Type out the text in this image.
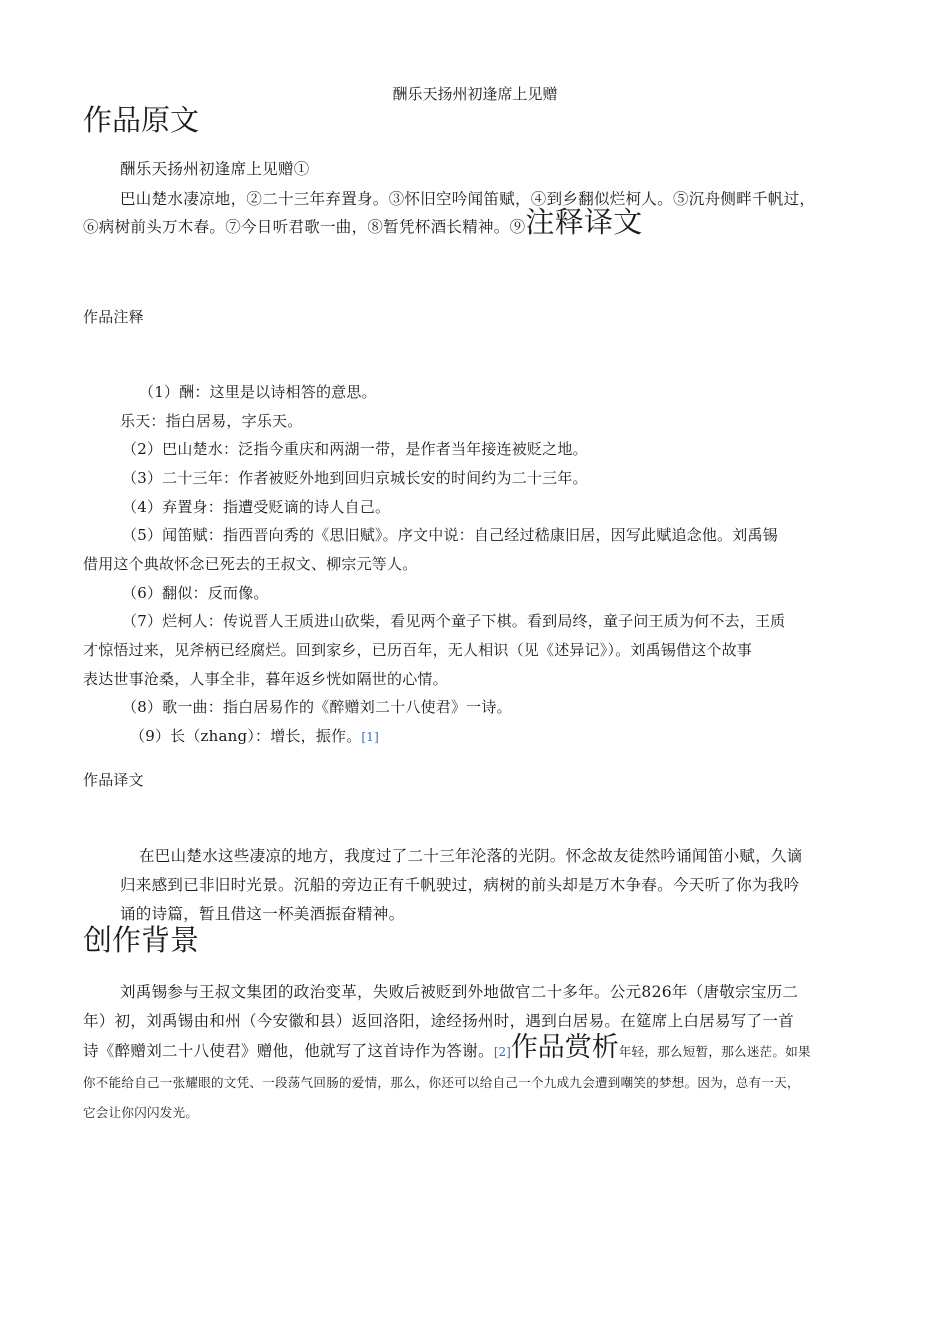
酬乐天扬州初逢席上见赠
作品原文
酬乐天扬州初逢席上见赠①
巴山楚水凄凉地，②二十三年弃置身。③怀旧空吟闻笛赋，④到乡翻似烂柯人。⑤沉舟侧畔千帆过，
⑥病树前头万木春。⑦今日听君歌一曲，⑧暂凭杯酒长精神。⑨注释译文
作品注释
（1）酬：这里是以诗相答的意思。
乐天：指白居易，字乐天。
（2）巴山楚水：泛指今重庆和两湖一带，是作者当年接连被贬之地。
（3）二十三年：作者被贬外地到回归京城长安的时间约为二十三年。
（4）弃置身：指遭受贬谪的诗人自己。
（5）闻笛赋：指西晋向秀的《思旧赋》。序文中说：自己经过嵇康旧居，因写此赋追念他。刘禹锡
借用这个典故怀念已死去的王叔文、柳宗元等人。
（6）翻似：反而像。
（7）烂柯人：传说晋人王质进山砍柴，看见两个童子下棋。看到局终，童子问王质为何不去，王质
才惊悟过来，见斧柄已经腐烂。回到家乡，已历百年，无人相识（见《述异记》）。刘禹锡借这个故事
表达世事沧桑，人事全非，暮年返乡恍如隔世的心情。
（8）歌一曲：指白居易作的《醉赠刘二十八使君》一诗。
（9）长（zhang）：增长，振作。[1]
作品译文
在巴山楚水这些凄凉的地方，我度过了二十三年沦落的光阴。怀念故友徒然吟诵闻笛小赋，久谪
归来感到已非旧时光景。沉船的旁边正有千帆驶过，病树的前头却是万木争春。今天听了你为我吟
诵的诗篇，暂且借这一杯美酒振奋精神。
创作背景
刘禹锡参与王叔文集团的政治变革，失败后被贬到外地做官二十多年。公元826年（唐敬宗宝历二
年）初，刘禹锡由和州（今安徽和县）返回洛阳，途经扬州时，遇到白居易。在筵席上白居易写了一首
诗《醉赠刘二十八使君》赠他，他就写了这首诗作为答谢。[2]作品赏析年轻，那么短暂，那么迷茫。如果
你不能给自己一张耀眼的文凭、一段荡气回肠的爱情，那么，你还可以给自己一个九成九会遭到嘲笑的梦想。因为，总有一天，
它会让你闪闪发光。
